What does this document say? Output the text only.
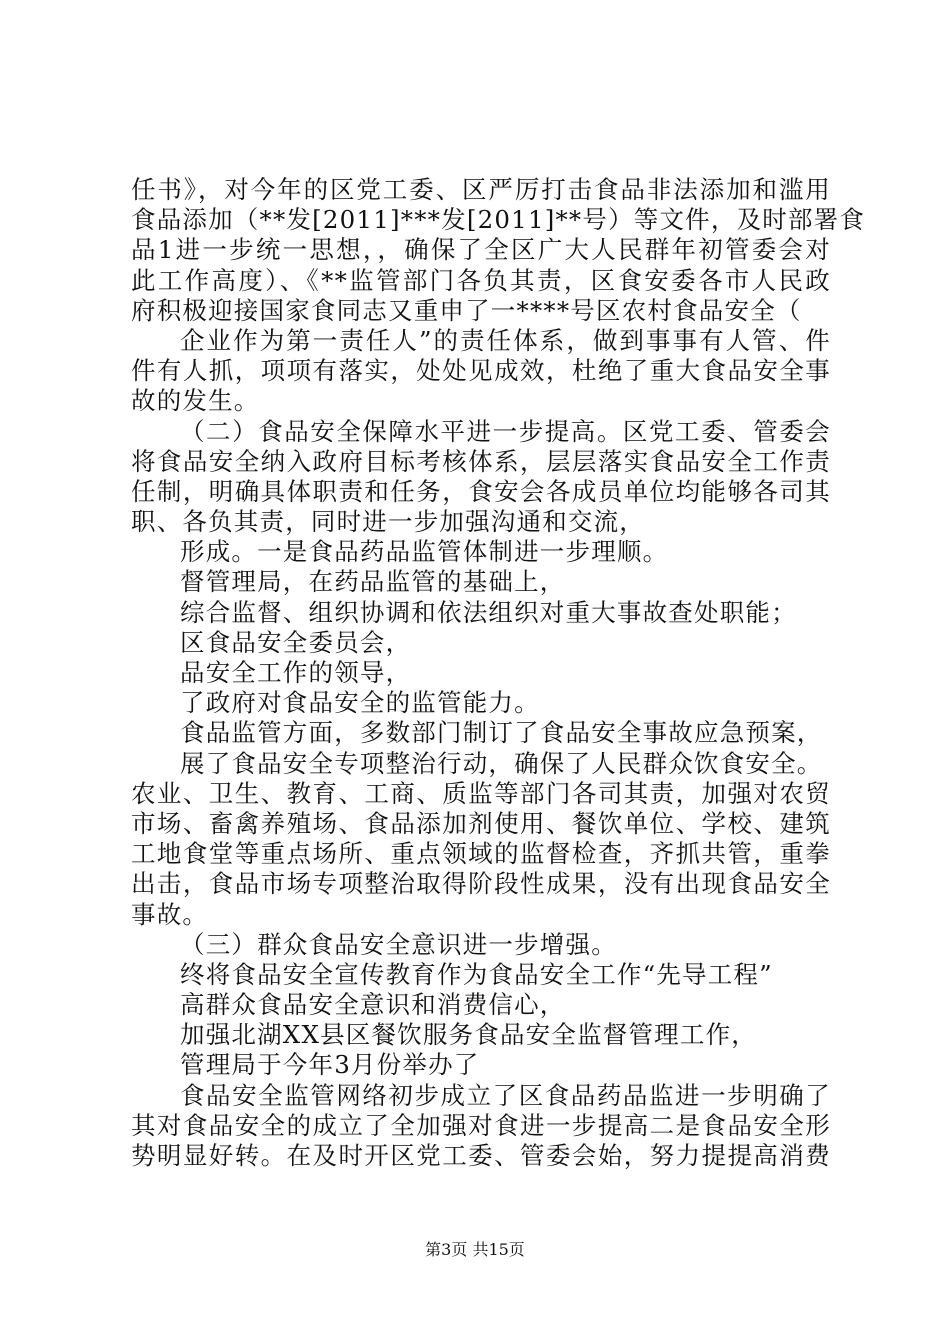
任书》，对今年的区党工委、区严厉打击食品非法添加和滥用
食品添加（**发[2011]***发[2011]**号）等文件，及时部署食
品1进一步统一思想，，确保了全区广大人民群年初管委会对
此工作高度）、《**监管部门各负其责，区食安委各市人民政
府积极迎接国家食同志又重申了一****号区农村食品安全（
企业作为第一责任人”的责任体系，做到事事有人管、件
件有人抓，项项有落实，处处见成效，杜绝了重大食品安全事
故的发生。
（二）食品安全保障水平进一步提高。区党工委、管委会
将食品安全纳入政府目标考核体系，层层落实食品安全工作责
任制，明确具体职责和任务，食安会各成员单位均能够各司其
职、各负其责，同时进一步加强沟通和交流，
形成。一是食品药品监管体制进一步理顺。
督管理局，在药品监管的基础上，
综合监督、组织协调和依法组织对重大事故查处职能；
区食品安全委员会，
品安全工作的领导，
了政府对食品安全的监管能力。
食品监管方面，多数部门制订了食品安全事故应急预案，
展了食品安全专项整治行动，确保了人民群众饮食安全。
农业、卫生、教育、工商、质监等部门各司其责，加强对农贸
市场、畜禽养殖场、食品添加剂使用、餐饮单位、学校、建筑
工地食堂等重点场所、重点领域的监督检查，齐抓共管，重拳
出击，食品市场专项整治取得阶段性成果，没有出现食品安全
事故。
（三）群众食品安全意识进一步增强。
终将食品安全宣传教育作为食品安全工作“先导工程”
高群众食品安全意识和消费信心，
加强北湖XX县区餐饮服务食品安全监督管理工作，
管理局于今年3月份举办了
食品安全监管网络初步成立了区食品药品监进一步明确了
其对食品安全的成立了全加强对食进一步提高二是食品安全形
势明显好转。在及时开区党工委、管委会始，努力提提高消费
第3页 共15页
